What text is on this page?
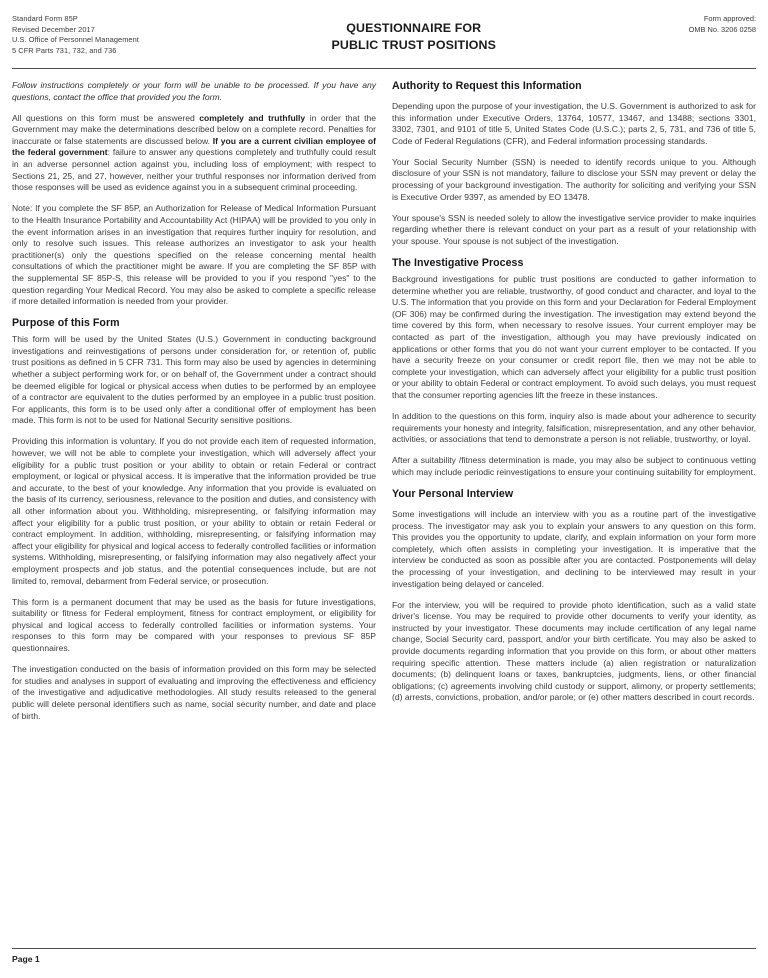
Standard Form 85P
Revised December 2017
U.S. Office of Personnel Management
5 CFR Parts 731, 732, and 736
QUESTIONNAIRE FOR
PUBLIC TRUST POSITIONS
Form approved:
OMB No. 3206 0258

Follow instructions completely or your form will be unable to be processed. If you have any questions, contact the office that provided you the form.

All questions on this form must be answered completely and truthfully in order that the Government may make the determinations described below on a complete record. Penalties for inaccurate or false statements are discussed below. If you are a current civilian employee of the federal government: failure to answer any questions completely and truthfully could result in an adverse personnel action against you, including loss of employment; with respect to Sections 21, 25, and 27, however, neither your truthful responses nor information derived from those responses will be used as evidence against you in a subsequent criminal proceeding.

Note: If you complete the SF 85P, an Authorization for Release of Medical Information Pursuant to the Health Insurance Portability and Accountability Act (HIPAA) will be provided to you only in the event information arises in an investigation that requires further inquiry for resolution, and only to resolve such issues. This release authorizes an investigator to ask your health practitioner(s) only the questions specified on the release concerning mental health consultations of which the practitioner might be aware. If you are completing the SF 85P with the supplemental SF 85P-S, this release will be provided to you if you respond "yes" to the question regarding Your Medical Record. You may also be asked to complete a specific release if more detailed information is needed from your provider.

Purpose of this Form

This form will be used by the United States (U.S.) Government in conducting background investigations and reinvestigations of persons under consideration for, or retention of, public trust positions as defined in 5 CFR 731. This form may also be used by agencies in determining whether a subject performing work for, or on behalf of, the Government under a contract should be deemed eligible for logical or physical access when duties to be performed by an employee of a contractor are equivalent to the duties performed by an employee in a public trust position. For applicants, this form is to be used only after a conditional offer of employment has been made. This form is not to be used for National Security sensitive positions.

Providing this information is voluntary. If you do not provide each item of requested information, however, we will not be able to complete your investigation, which will adversely affect your eligibility for a public trust position or your ability to obtain or retain Federal or contract employment, or logical or physical access. It is imperative that the information provided be true and accurate, to the best of your knowledge. Any information that you provide is evaluated on the basis of its currency, seriousness, relevance to the position and duties, and consistency with all other information about you. Withholding, misrepresenting, or falsifying information may affect your eligibility for a public trust position, or your ability to obtain or retain Federal or contract employment. In addition, withholding, misrepresenting, or falsifying information may affect your eligibility for physical and logical access to federally controlled facilities or information systems. Withholding, misrepresenting, or falsifying information may also negatively affect your employment prospects and job status, and the potential consequences include, but are not limited to, removal, debarment from Federal service, or prosecution.

This form is a permanent document that may be used as the basis for future investigations, suitability or fitness for Federal employment, fitness for contract employment, or eligibility for physical and logical access to federally controlled facilities or information systems. Your responses to this form may be compared with your responses to previous SF 85P questionnaires.

The investigation conducted on the basis of information provided on this form may be selected for studies and analyses in support of evaluating and improving the effectiveness and efficiency of the investigative and adjudicative methodologies. All study results released to the general public will delete personal identifiers such as name, social security number, and date and place of birth.

Authority to Request this Information

Depending upon the purpose of your investigation, the U.S. Government is authorized to ask for this information under Executive Orders, 13764, 10577, 13467, and 13488; sections 3301, 3302, 7301, and 9101 of title 5, United States Code (U.S.C.); parts 2, 5, 731, and 736 of title 5, Code of Federal Regulations (CFR), and Federal information processing standards.

Your Social Security Number (SSN) is needed to identify records unique to you. Although disclosure of your SSN is not mandatory, failure to disclose your SSN may prevent or delay the processing of your background investigation. The authority for soliciting and verifying your SSN is Executive Order 9397, as amended by EO 13478.

Your spouse's SSN is needed solely to allow the investigative service provider to make inquiries regarding whether there is relevant conduct on your part as a result of your relationship with your spouse. Your spouse is not subject of the investigation.

The Investigative Process

Background investigations for public trust positions are conducted to gather information to determine whether you are reliable, trustworthy, of good conduct and character, and loyal to the U.S. The information that you provide on this form and your Declaration for Federal Employment (OF 306) may be confirmed during the investigation. The investigation may extend beyond the time covered by this form, when necessary to resolve issues. Your current employer may be contacted as part of the investigation, although you may have previously indicated on applications or other forms that you do not want your current employer to be contacted. If you have a security freeze on your consumer or credit report file, then we may not be able to complete your investigation, which can adversely affect your eligibility for a public trust position or your ability to obtain Federal or contract employment. To avoid such delays, you must request that the consumer reporting agencies lift the freeze in these instances.

In addition to the questions on this form, inquiry also is made about your adherence to security requirements your honesty and integrity, falsification, misrepresentation, and any other behavior, activities, or associations that tend to demonstrate a person is not reliable, trustworthy, or loyal.

After a suitability /fitness determination is made, you may also be subject to continuous vetting which may include periodic reinvestigations to ensure your continuing suitability for employment.

Your Personal Interview

Some investigations will include an interview with you as a routine part of the investigative process. The investigator may ask you to explain your answers to any question on this form. This provides you the opportunity to update, clarify, and explain information on your form more completely, which often assists in completing your investigation. It is imperative that the interview be conducted as soon as possible after you are contacted. Postponements will delay the processing of your investigation, and declining to be interviewed may result in your investigation being delayed or canceled.

For the interview, you will be required to provide photo identification, such as a valid state driver's license. You may be required to provide other documents to verify your identity, as instructed by your investigator. These documents may include certification of any legal name change, Social Security card, passport, and/or your birth certificate. You may also be asked to provide documents regarding information that you provide on this form, or about other matters requiring specific attention. These matters include (a) alien registration or naturalization documents; (b) delinquent loans or taxes, bankruptcies, judgments, liens, or other financial obligations; (c) agreements involving child custody or support, alimony, or property settlements; (d) arrests, convictions, probation, and/or parole; or (e) other matters described in court records.

Page 1
